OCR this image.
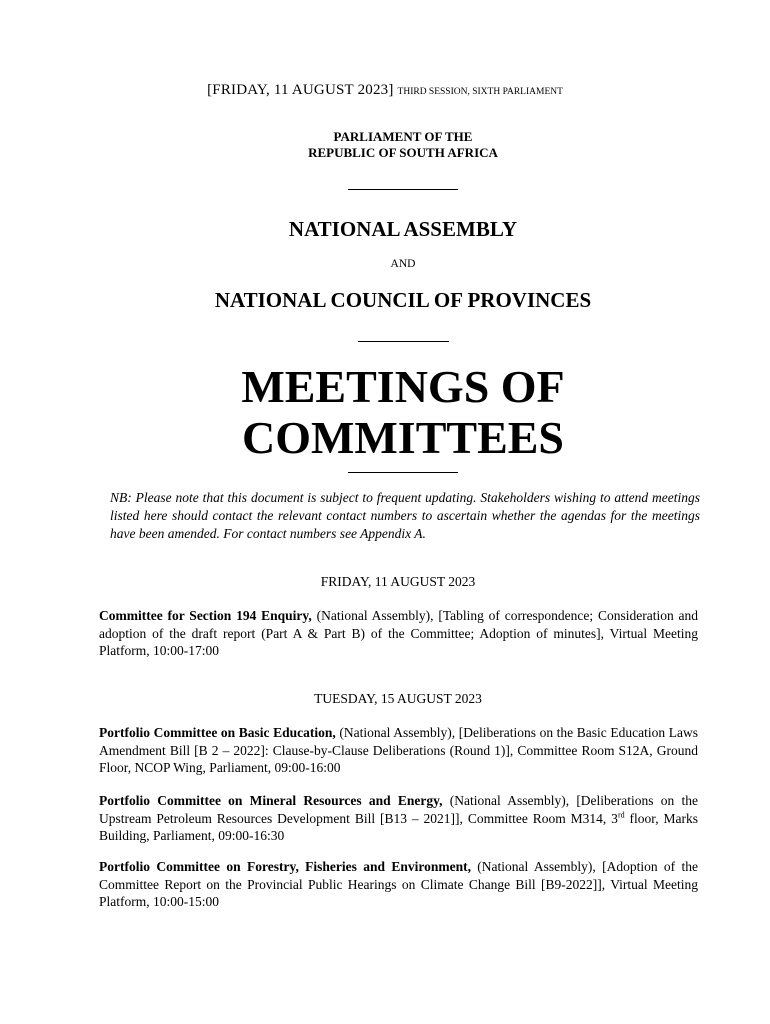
[FRIDAY, 11 AUGUST 2023] THIRD SESSION, SIXTH PARLIAMENT
PARLIAMENT OF THE
REPUBLIC OF SOUTH AFRICA
NATIONAL ASSEMBLY
AND
NATIONAL COUNCIL OF PROVINCES
MEETINGS OF
COMMITTEES
NB: Please note that this document is subject to frequent updating. Stakeholders wishing to attend meetings listed here should contact the relevant contact numbers to ascertain whether the agendas for the meetings have been amended. For contact numbers see Appendix A.
FRIDAY, 11 AUGUST 2023
Committee for Section 194 Enquiry, (National Assembly), [Tabling of correspondence; Consideration and adoption of the draft report (Part A & Part B) of the Committee; Adoption of minutes], Virtual Meeting Platform, 10:00-17:00
TUESDAY, 15 AUGUST 2023
Portfolio Committee on Basic Education, (National Assembly), [Deliberations on the Basic Education Laws Amendment Bill [B 2 – 2022]: Clause-by-Clause Deliberations (Round 1)], Committee Room S12A, Ground Floor, NCOP Wing, Parliament, 09:00-16:00
Portfolio Committee on Mineral Resources and Energy, (National Assembly), [Deliberations on the Upstream Petroleum Resources Development Bill [B13 – 2021]], Committee Room M314, 3rd floor, Marks Building, Parliament, 09:00-16:30
Portfolio Committee on Forestry, Fisheries and Environment, (National Assembly), [Adoption of the Committee Report on the Provincial Public Hearings on Climate Change Bill [B9-2022]], Virtual Meeting Platform, 10:00-15:00
